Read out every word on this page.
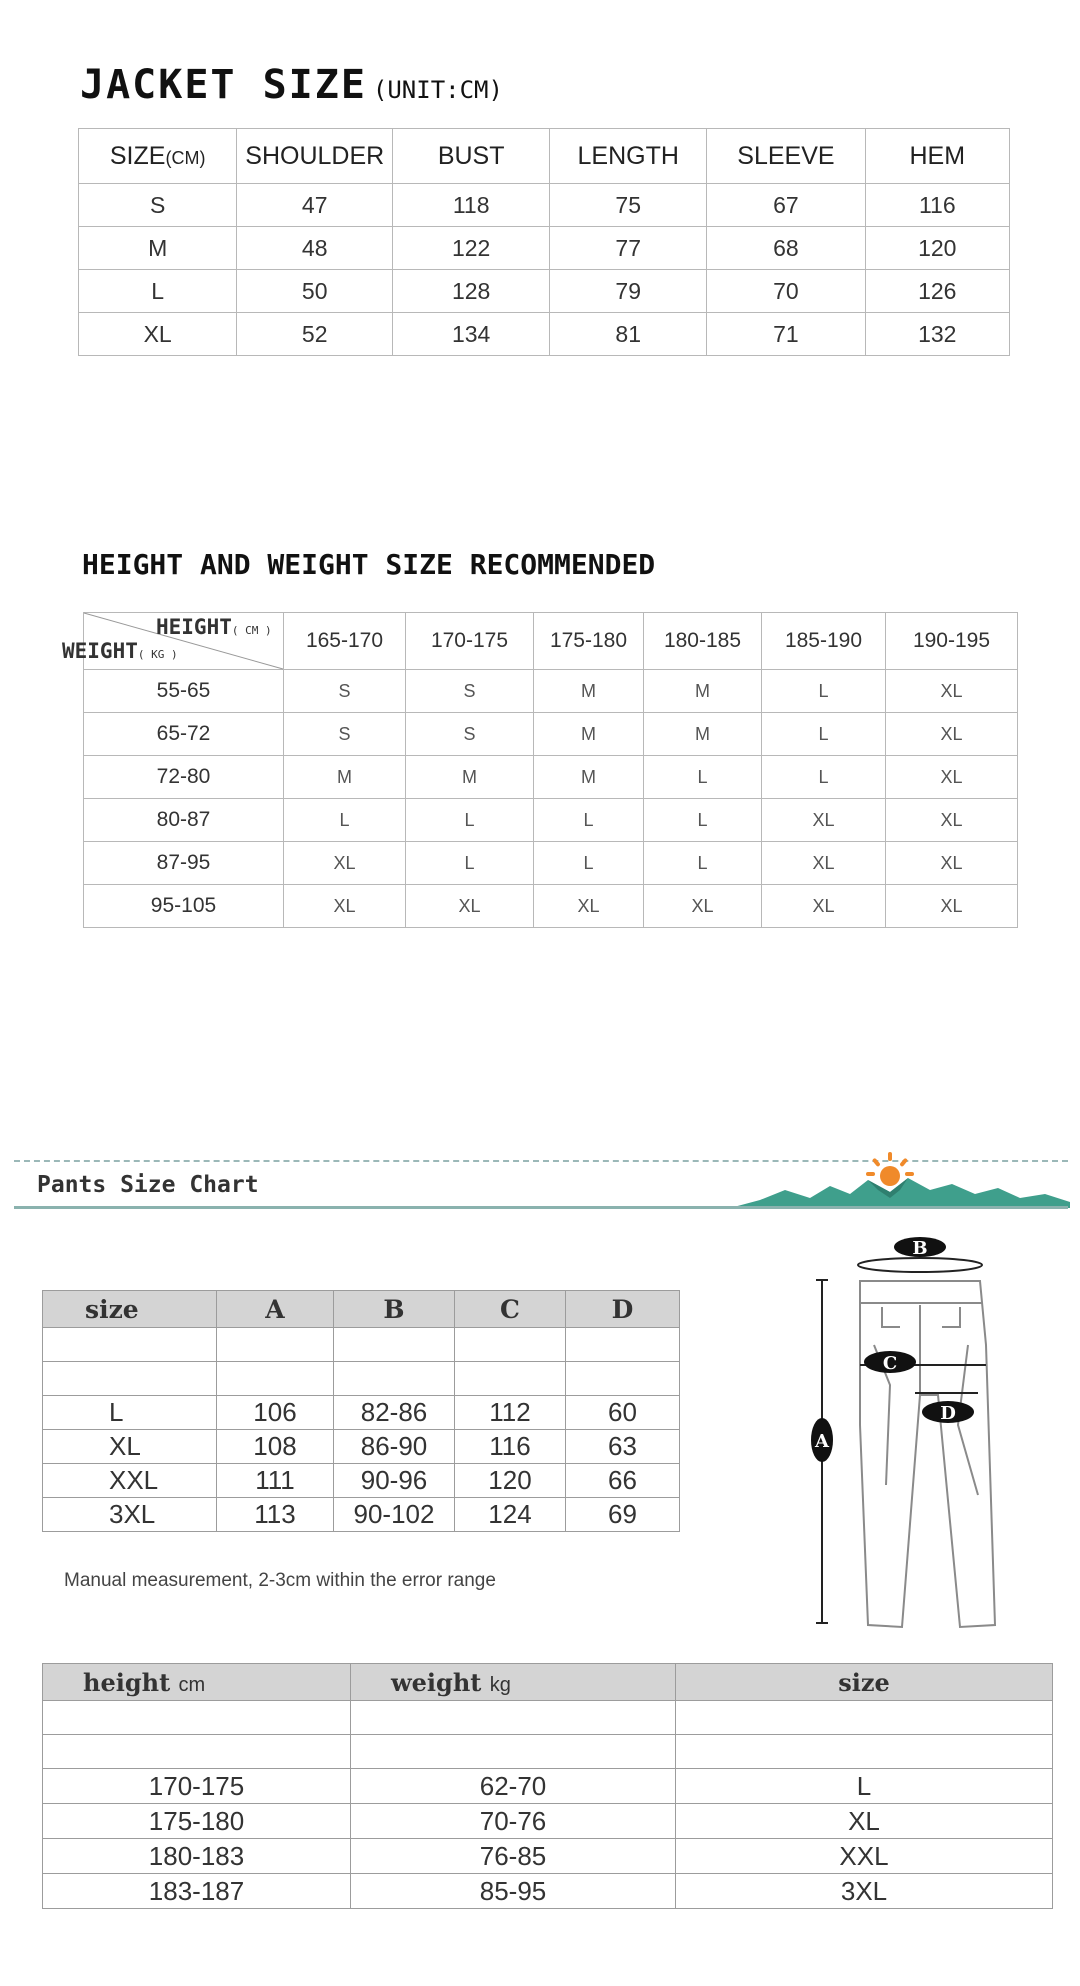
JACKET SIZE (UNIT:CM)
SIZE(CM)	SHOULDER	BUST	LENGTH	SLEEVE	HEM
S	47	118	75	67	116
M	48	122	77	68	120
L	50	128	79	70	126
XL	52	134	81	71	132
HEIGHT AND WEIGHT SIZE RECOMMENDED
HEIGHT( CM )
WEIGHT( KG )	165-170	170-175	175-180	180-185	185-190	190-195
55-65	S	S	M	M	L	XL
65-72	S	S	M	M	L	XL
72-80	M	M	M	L	L	XL
80-87	L	L	L	L	XL	XL
87-95	XL	L	L	L	XL	XL
95-105	XL	XL	XL	XL	XL	XL
Pants Size Chart
size	A	B	C	D

L	106	82-86	112	60
XL	108	86-90	116	63
XXL	111	90-96	120	66
3XL	113	90-102	124	69
Manual measurement, 2-3cm within the error range
B
C
D
A
height cm	weight kg	size

170-175	62-70	L
175-180	70-76	XL
180-183	76-85	XXL
183-187	85-95	3XL
